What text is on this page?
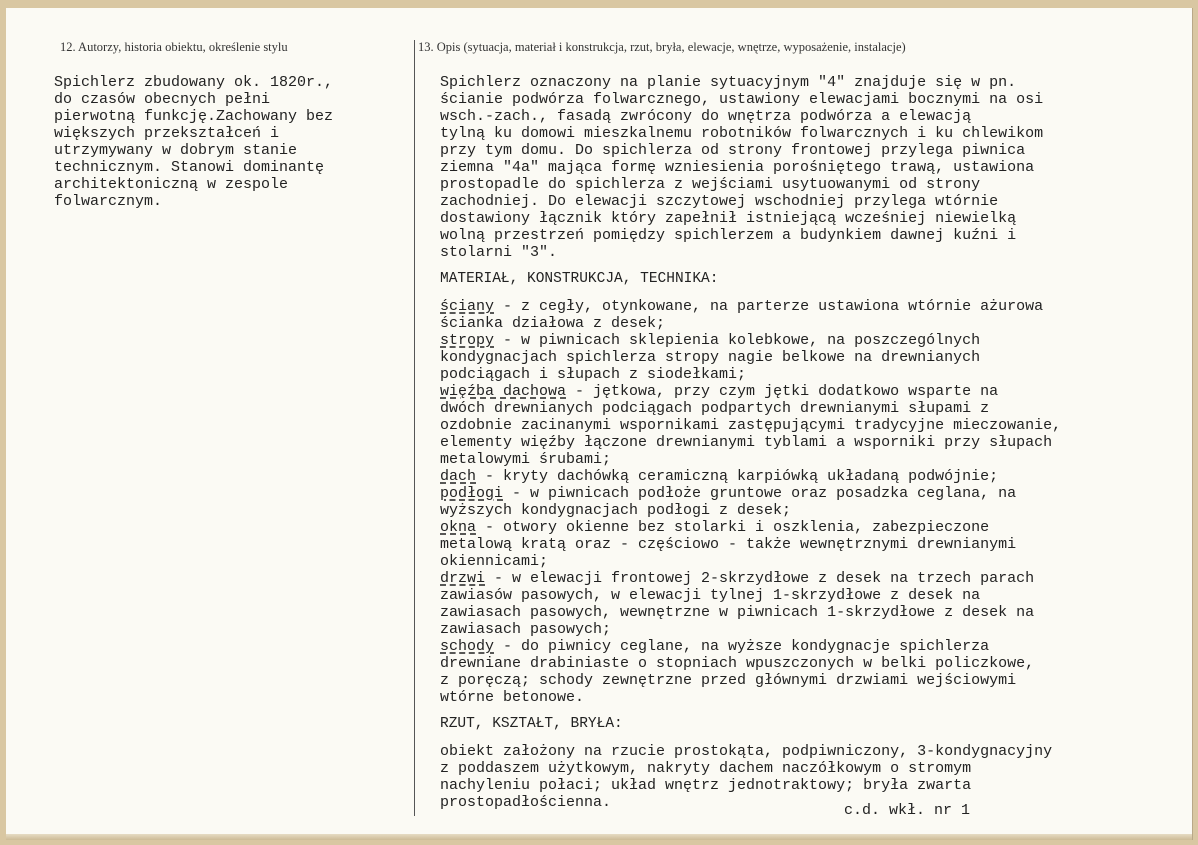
12. Autorzy, historia obiektu, określenie stylu	13. Opis (sytuacja, materiał i konstrukcja, rzut, bryła, elewacje, wnętrze, wyposażenie, instalacje)

Spichlerz zbudowany ok. 1820r.,
do czasów obecnych pełni
pierwotną funkcję.Zachowany bez
większych przekształceń i
utrzymywany w dobrym stanie
technicznym. Stanowi dominantę
architektoniczną w zespole
folwarcznym.

Spichlerz oznaczony na planie sytuacyjnym "4" znajduje się w pn.
ścianie podwórza folwarcznego, ustawiony elewacjami bocznymi na osi
wsch.-zach., fasadą zwrócony do wnętrza podwórza a elewacją
tylną ku domowi mieszkalnemu robotników folwarcznych i ku chlewikom
przy tym domu. Do spichlerza od strony frontowej przylega piwnica
ziemna "4a" mająca formę wzniesienia porośniętego trawą, ustawiona
prostopadle do spichlerza z wejściami usytuowanymi od strony
zachodniej. Do elewacji szczytowej wschodniej przylega wtórnie
dostawiony łącznik który zapełnił istniejącą wcześniej niewielką
wolną przestrzeń pomiędzy spichlerzem a budynkiem dawnej kuźni i
stolarni "3".

MATERIAŁ, KONSTRUKCJA, TECHNIKA:

ściany - z cegły, otynkowane, na parterze ustawiona wtórnie ażurowa
ścianka działowa z desek;

stropy - w piwnicach sklepienia kolebkowe, na poszczególnych
kondygnacjach spichlerza stropy nagie belkowe na drewnianych
podciągach i słupach z siodełkami;

więźba dachowa - jętkowa, przy czym jętki dodatkowo wsparte na
dwóch drewnianych podciągach podpartych drewnianymi słupami z
ozdobnie zacinanymi wspornikami zastępującymi tradycyjne mieczowanie,
elementy więźby łączone drewnianymi tyblami a wsporniki przy słupach
metalowymi śrubami;

dach - kryty dachówką ceramiczną karpiówką układaną podwójnie;

podłogi - w piwnicach podłoże gruntowe oraz posadzka ceglana, na
wyższych kondygnacjach podłogi z desek;

okna - otwory okienne bez stolarki i oszklenia, zabezpieczone
metalową kratą oraz - częściowo - także wewnętrznymi drewnianymi
okiennicami;

drzwi - w elewacji frontowej 2-skrzydłowe z desek na trzech parach
zawiasów pasowych, w elewacji tylnej 1-skrzydłowe z desek na
zawiasach pasowych, wewnętrzne w piwnicach 1-skrzydłowe z desek na
zawiasach pasowych;

schody - do piwnicy ceglane, na wyższe kondygnacje spichlerza
drewniane drabiniaste o stopniach wpuszczonych w belki policzkowe,
z poręczą; schody zewnętrzne przed głównymi drzwiami wejściowymi
wtórne betonowe.

RZUT, KSZTAŁT, BRYŁA:

obiekt założony na rzucie prostokąta, podpiwniczony, 3-kondygnacyjny
z poddaszem użytkowym, nakryty dachem naczółkowym o stromym
nachyleniu połaci; układ wnętrz jednotraktowy; bryła zwarta
prostopadłościenna.	c.d. wkł. nr 1
